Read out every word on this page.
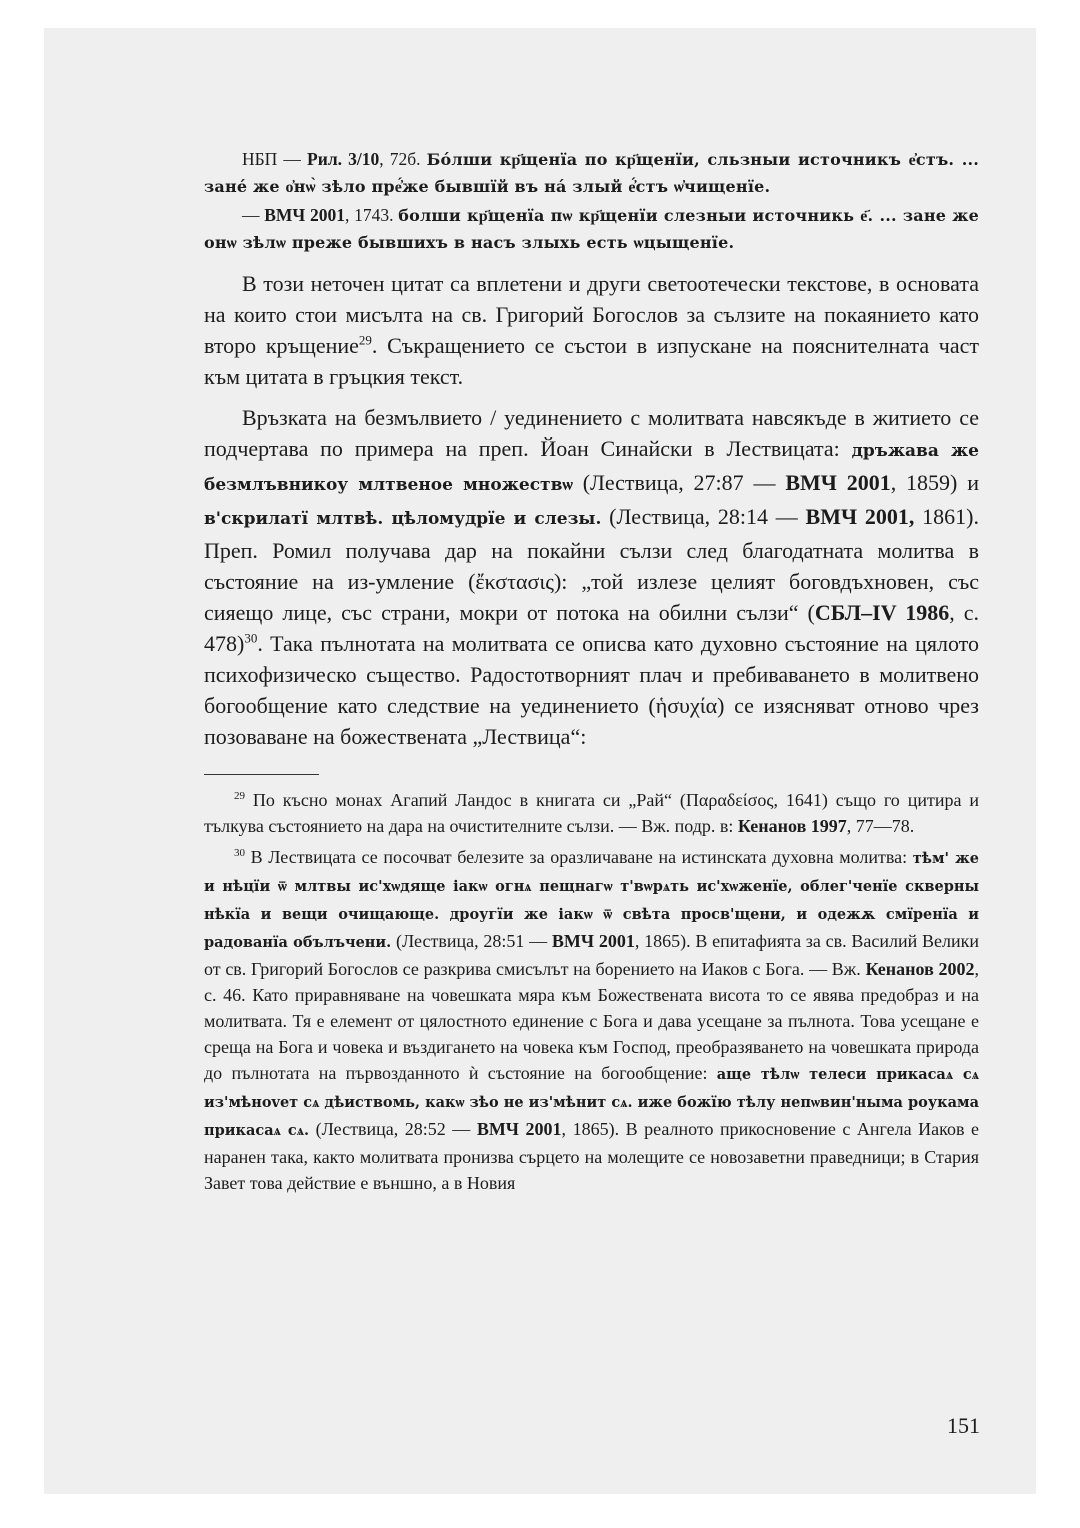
НБП — Рил. 3/10, 72б. Бо́лши кр҃щенїа по кр҃щенїи, сльзныи источникъ е҆стъ. ... зане́ же о҆нѡ̀ зѣло пре҆́же бывшїй въ на́ злый е҆́стъ ѡ҆чищенїе.

— ВМЧ 2001, 1743. болши кр҃щенїа пѡ кр҃щенїи слезныи источникь е҃. ... зане же онѡ зѣлѡ преже бывшихъ в насъ злыхь есть ѡцыщенїе.

В този неточен цитат са вплетени и други светоотечески текстове, в основата на които стои мисълта на св. Григорий Богослов за сълзите на покаянието като второ кръщение$^{29}$. Съкращението се състои в изпускане на пояснителната част към цитата в гръцкия текст.

Връзката на безмълвието / уединението с молитвата навсякъде в житието се подчертава по примера на преп. Йоан Синайски в Лествицата: дръжава же безмлъвникоу млтвеное множествѡ (Лествица, 27:87 — ВМЧ 2001, 1859) и в'скрилатї млтвѣ. цѣломудрїе и слезы. (Лествица, 28:14 — ВМЧ 2001, 1861). Преп. Ромил получава дар на покайни сълзи след благодатната молитва в състояние на из-умление (ἔκστασις): „той излезе целият боговдъхновен, със сияещо лице, със страни, мокри от потока на обилни сълзи“ (СБЛ–IV 1986, с. 478)$^{30}$. Така пълнотата на молитвата се описва като духовно състояние на цялото психофизическо същество. Радостотворният плач и пребиваването в молитвено богообщение като следствие на уединението (ἡσυχία) се изясняват отново чрез позоваване на божествената „Лествица“:

$^{29}$ По късно монах Агапий Ландос в книгата си „Рай“ (Παραδείσος, 1641) също го цитира и тълкува състоянието на дара на очистителните сълзи. — Вж. подр. в: Кенанов 1997, 77—78.

$^{30}$ В Лествицата се посочват белезите за оразличаване на истинската духовна молитва: тѣм' же и нѣцїи ѿ млтвы ис'хѡдяще іакѡ огнѧ пещнагѡ т'вѡрѧть ис'хѡженїе, облег'ченїе скверны нѣкїа и вещи очищающе. дроугїи же іакѡ ѿ свѣта просв'щени, и одежѫ смїренїа и радованїа обълъчени. (Лествица, 28:51 — ВМЧ 2001, 1865). В епитафията за св. Василий Велики от св. Григорий Богослов се разкрива смисълът на борението на Иаков с Бога. — Вж. Кенанов 2002, с. 46. Като приравняване на човешката мяра към Божествената висота то се явява предобраз и на молитвата. Тя е елемент от цялостното единение с Бога и дава усещане за пълнота. Това усещане е среща на Бога и човека и въздигането на човека към Господ, преобразяването на човешката природа до пълнотата на първозданното ѝ състояние на богообщение: аще тѣлѡ телеси прикасаѧ сѧ из'мѣнovет сѧ дѣиствомь, какѡ зѣо не из'мѣнит сѧ. иже божїю тѣлу непѡвин'ныма роукама прикасаѧ сѧ. (Лествица, 28:52 — ВМЧ 2001, 1865). В реалното прикосновение с Ангела Иаков е наранен така, както молитвата пронизва сърцето на молещите се новозаветни праведници; в Стария Завет това действие е външно, а в Новия

151
